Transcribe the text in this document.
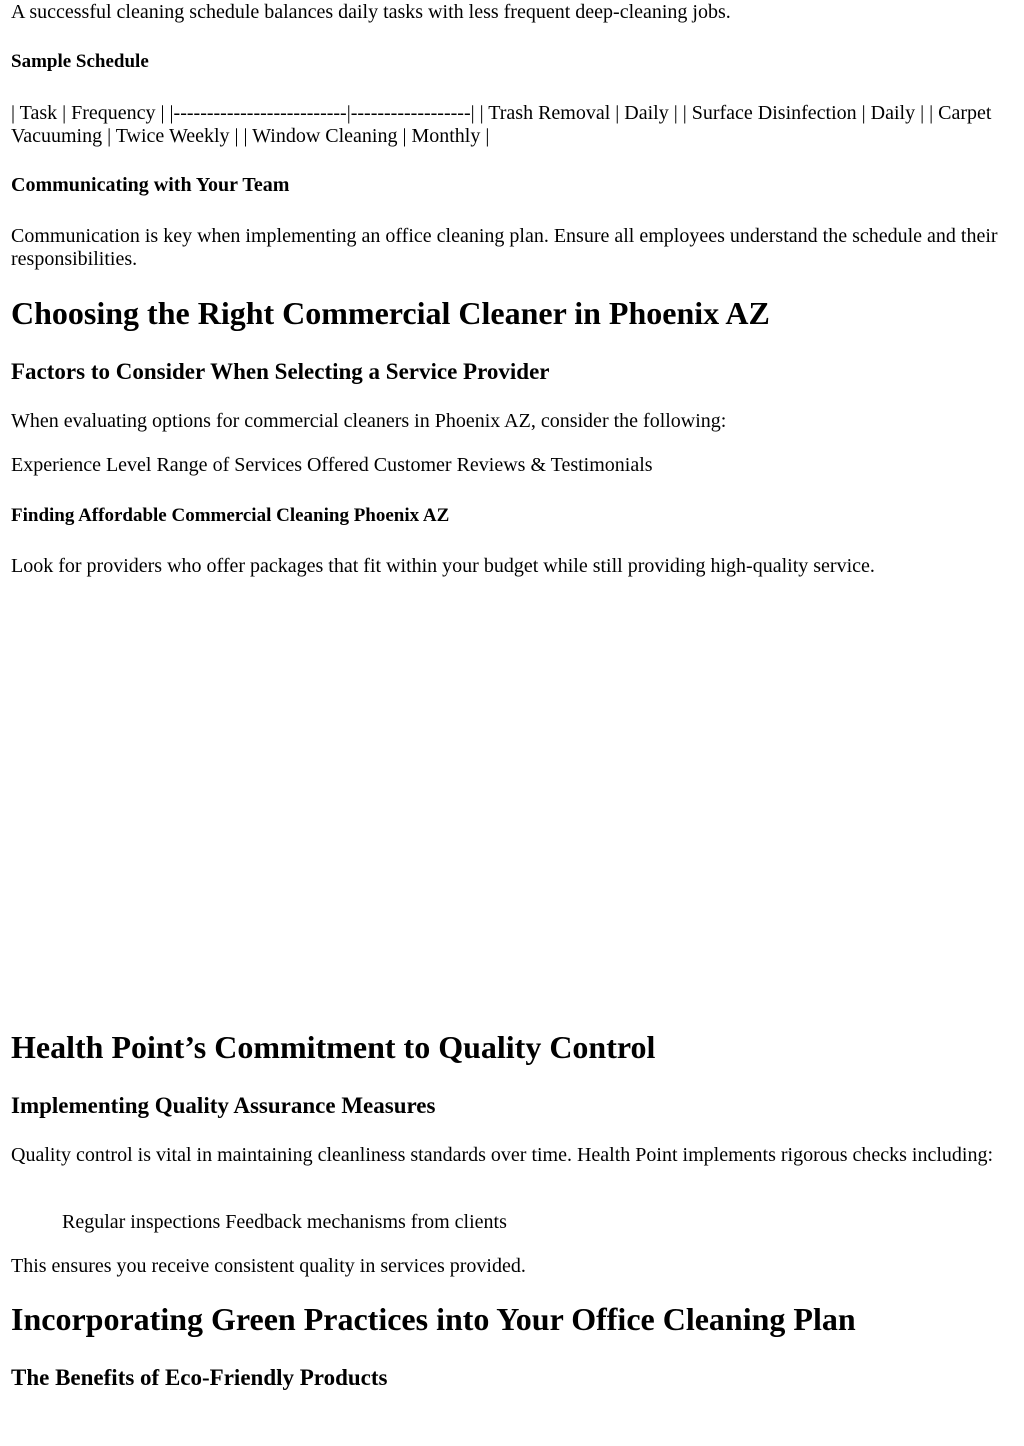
A successful cleaning schedule balances daily tasks with less frequent deep-cleaning jobs.

Sample Schedule

| Task | Frequency | |--------------------------|------------------| | Trash Removal | Daily | | Surface Disinfection | Daily | | Carpet Vacuuming | Twice Weekly | | Window Cleaning | Monthly |

Communicating with Your Team

Communication is key when implementing an office cleaning plan. Ensure all employees understand the schedule and their responsibilities.

Choosing the Right Commercial Cleaner in Phoenix AZ
Factors to Consider When Selecting a Service Provider

When evaluating options for commercial cleaners in Phoenix AZ, consider the following:

Experience Level Range of Services Offered Customer Reviews & Testimonials

Finding Affordable Commercial Cleaning Phoenix AZ

Look for providers who offer packages that fit within your budget while still providing high-quality service.

Health Point’s Commitment to Quality Control
Implementing Quality Assurance Measures

Quality control is vital in maintaining cleanliness standards over time. Health Point implements rigorous checks including:

Regular inspections Feedback mechanisms from clients

This ensures you receive consistent quality in services provided.

Incorporating Green Practices into Your Office Cleaning Plan
The Benefits of Eco-Friendly Products
